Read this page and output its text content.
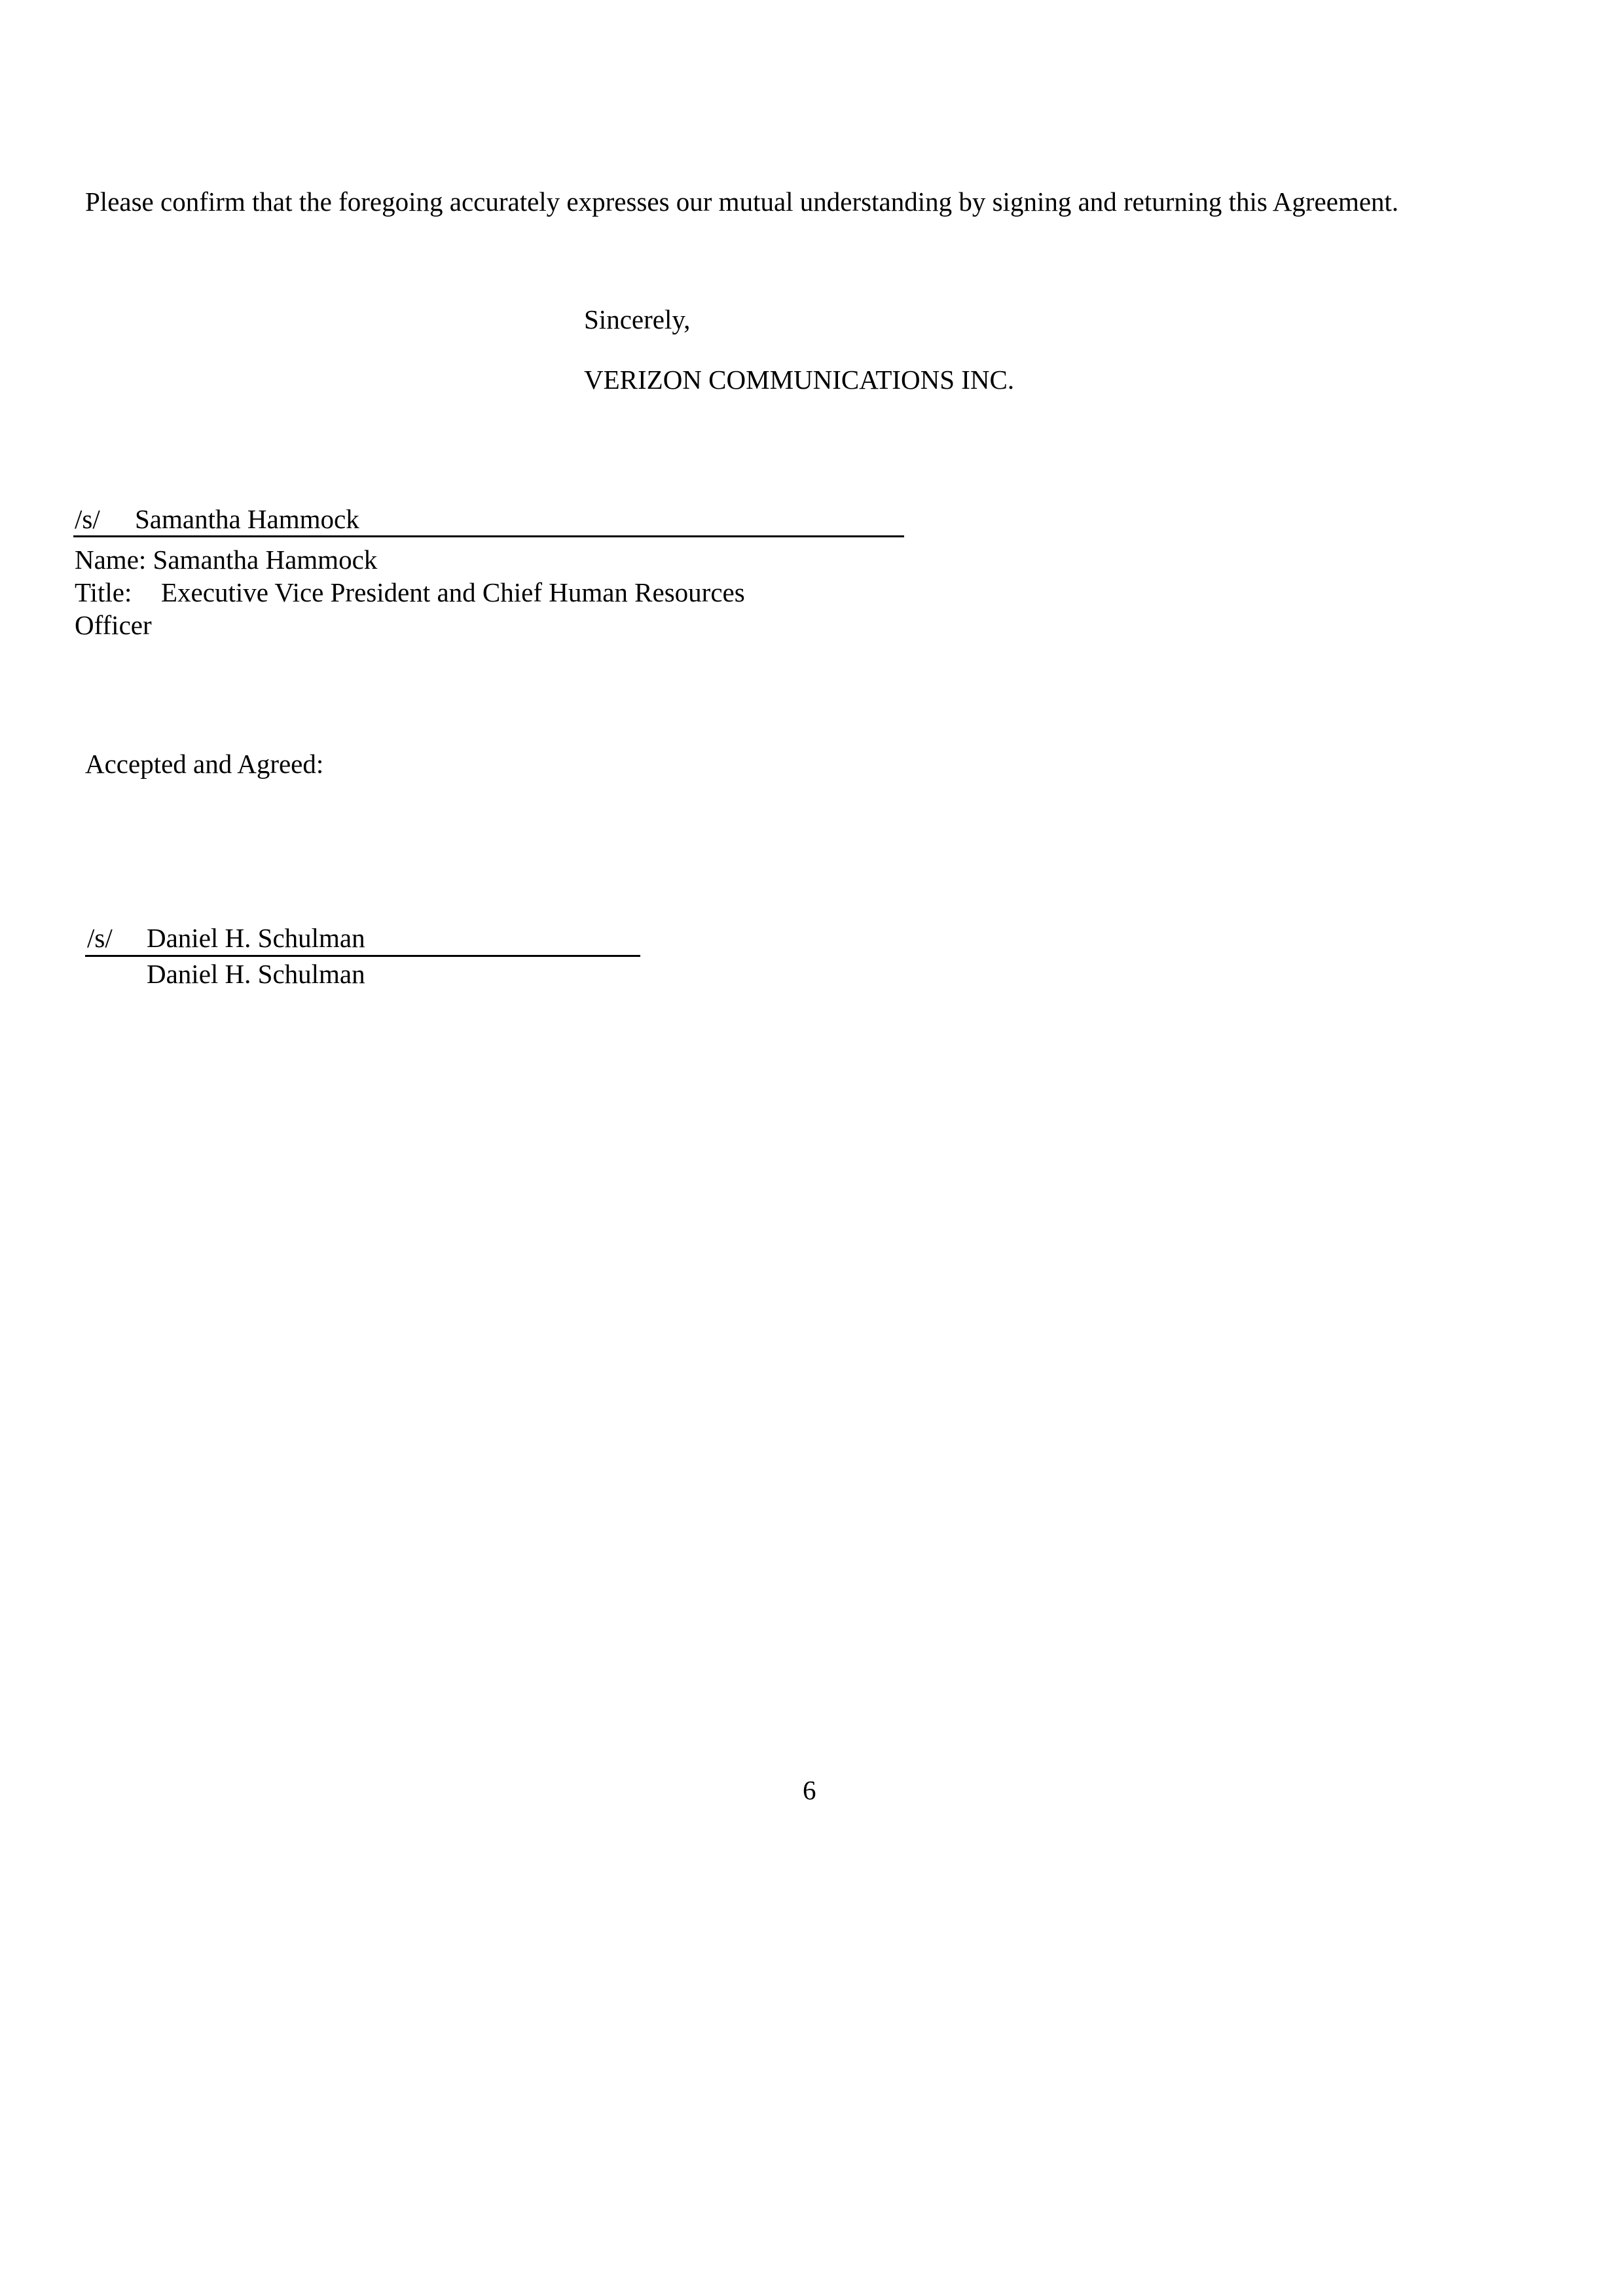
Please confirm that the foregoing accurately expresses our mutual understanding by signing and returning this Agreement.
Sincerely,
VERIZON COMMUNICATIONS INC.
/s/ Samantha Hammock
Name: Samantha Hammock
Title: Executive Vice President and Chief Human Resources
Officer
Accepted and Agreed:
/s/ Daniel H. Schulman
Daniel H. Schulman
6
